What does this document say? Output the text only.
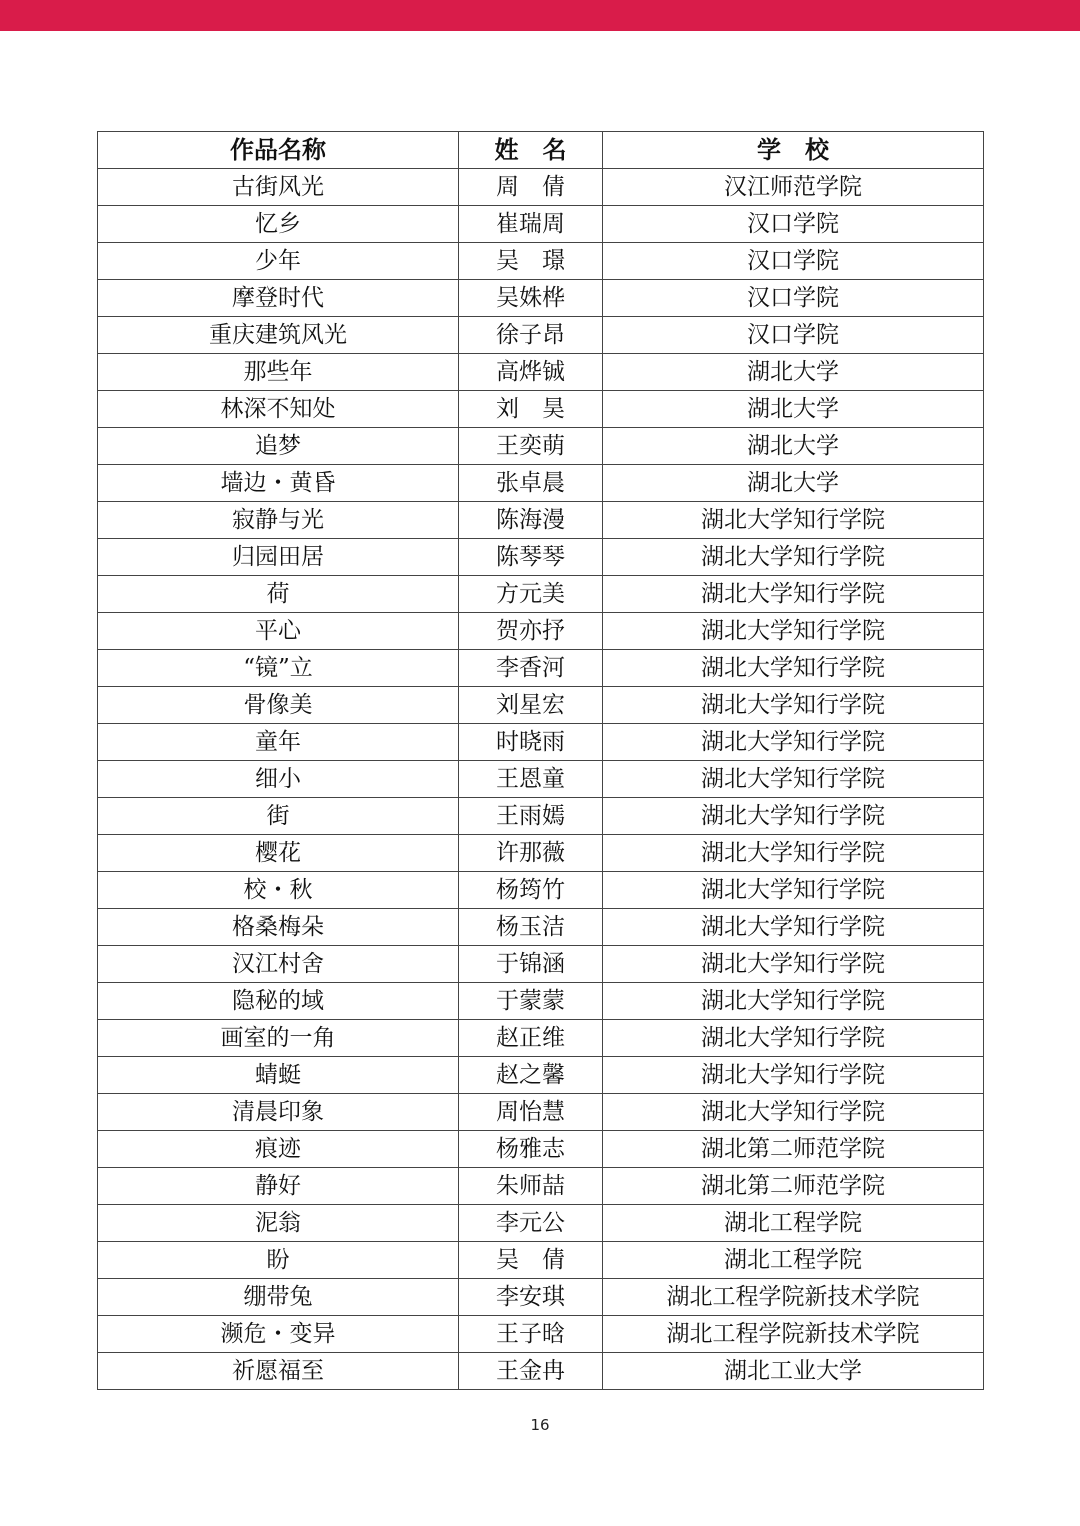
作品名称	姓　名	学　校
古街风光	周　倩	汉江师范学院
忆乡	崔瑞周	汉口学院
少年	吴　璟	汉口学院
摩登时代	吴姝桦	汉口学院
重庆建筑风光	徐子昂	汉口学院
那些年	高烨铖	湖北大学
林深不知处	刘　昊	湖北大学
追梦	王奕萌	湖北大学
墙边・黄昏	张卓晨	湖北大学
寂静与光	陈海漫	湖北大学知行学院
归园田居	陈琴琴	湖北大学知行学院
荷	方元美	湖北大学知行学院
平心	贺亦抒	湖北大学知行学院
“镜”立	李香河	湖北大学知行学院
骨像美	刘星宏	湖北大学知行学院
童年	时晓雨	湖北大学知行学院
细小	王恩童	湖北大学知行学院
街	王雨嫣	湖北大学知行学院
樱花	许那薇	湖北大学知行学院
校・秋	杨筠竹	湖北大学知行学院
格桑梅朵	杨玉洁	湖北大学知行学院
汉江村舍	于锦涵	湖北大学知行学院
隐秘的域	于蒙蒙	湖北大学知行学院
画室的一角	赵正维	湖北大学知行学院
蜻蜓	赵之馨	湖北大学知行学院
清晨印象	周怡慧	湖北大学知行学院
痕迹	杨雅志	湖北第二师范学院
静好	朱师喆	湖北第二师范学院
泥翁	李元公	湖北工程学院
盼	吴　倩	湖北工程学院
绷带兔	李安琪	湖北工程学院新技术学院
濒危・变异	王子晗	湖北工程学院新技术学院
祈愿福至	王金冉	湖北工业大学
16
